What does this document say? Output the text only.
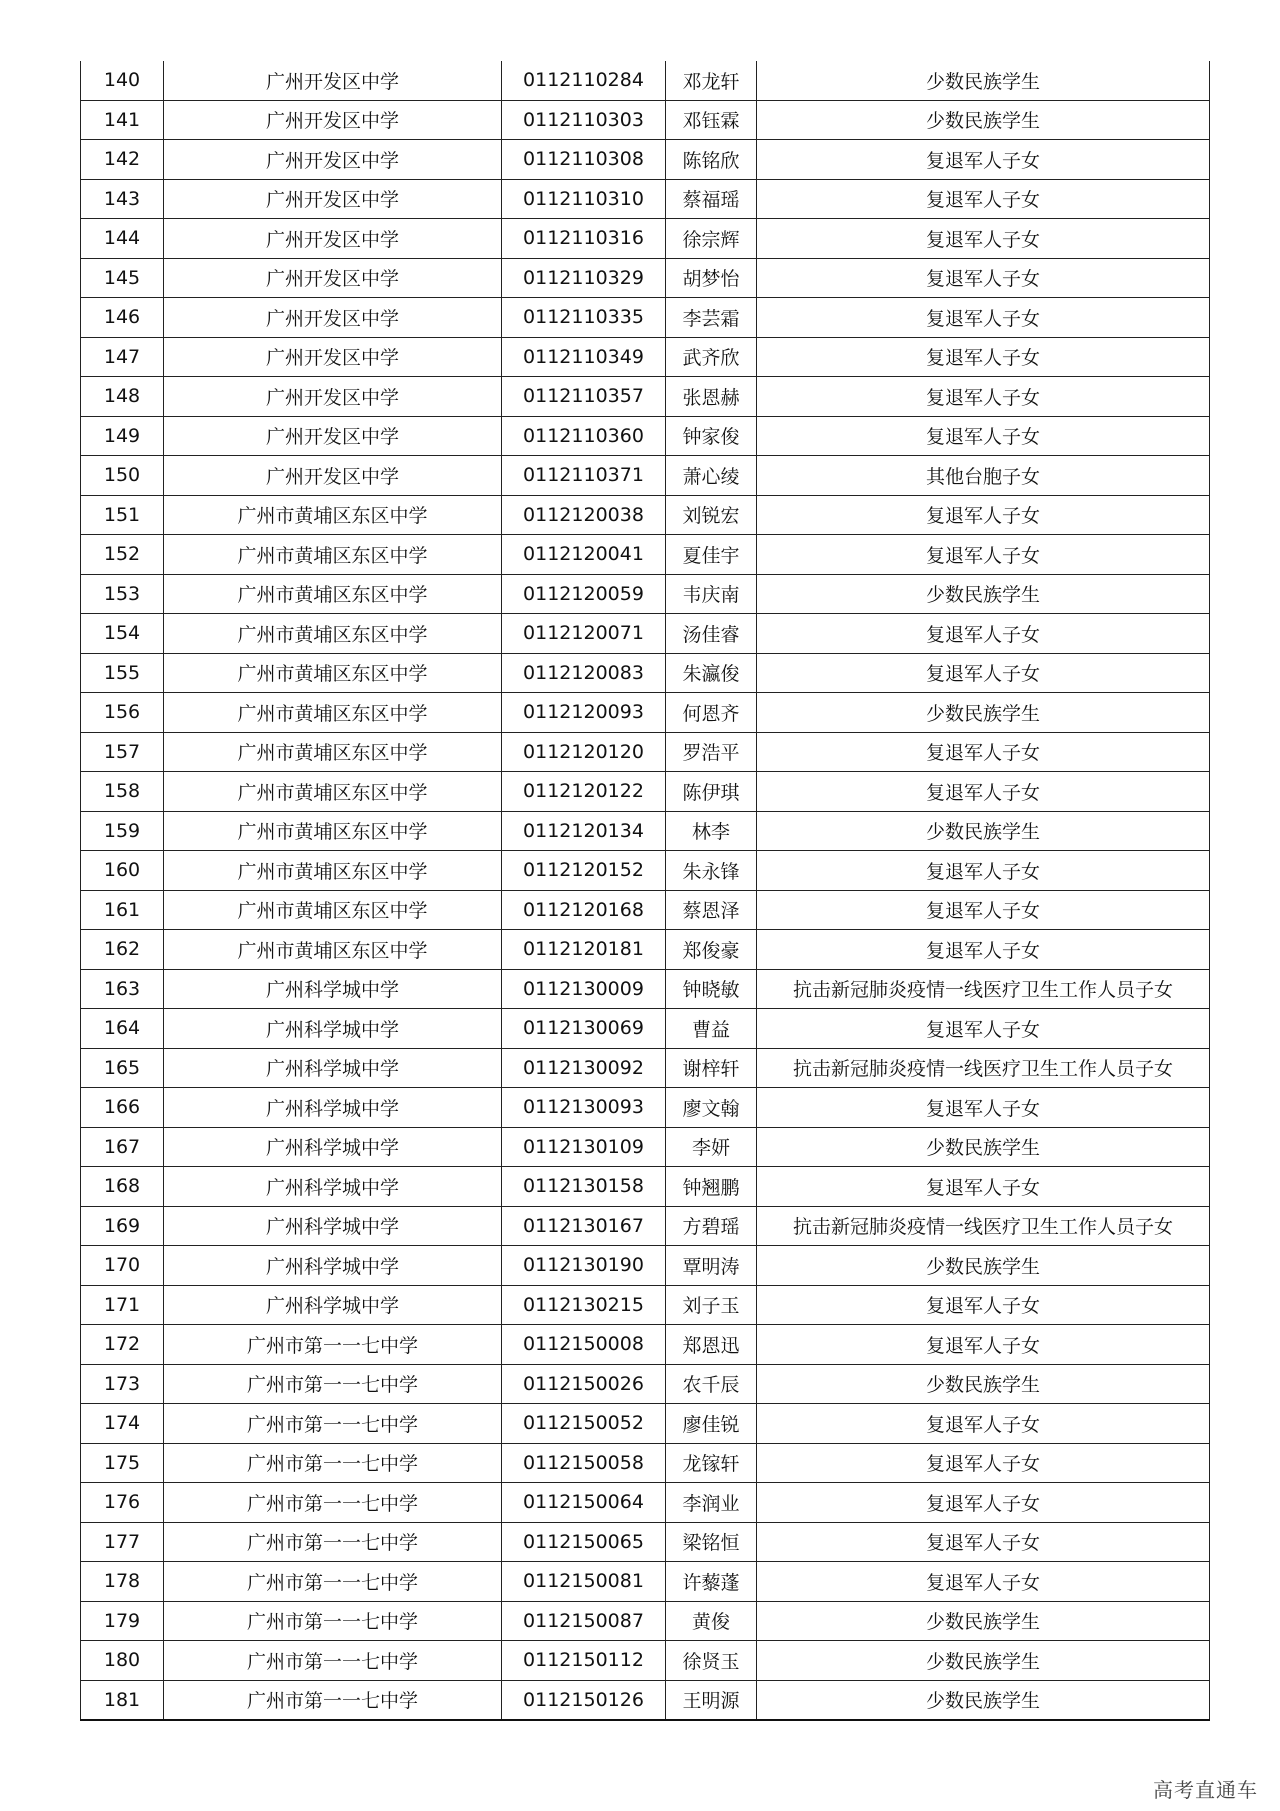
140	广州开发区中学	0112110284	邓龙轩	少数民族学生
141	广州开发区中学	0112110303	邓钰霖	少数民族学生
142	广州开发区中学	0112110308	陈铭欣	复退军人子女
143	广州开发区中学	0112110310	蔡福瑶	复退军人子女
144	广州开发区中学	0112110316	徐宗辉	复退军人子女
145	广州开发区中学	0112110329	胡梦怡	复退军人子女
146	广州开发区中学	0112110335	李芸霜	复退军人子女
147	广州开发区中学	0112110349	武齐欣	复退军人子女
148	广州开发区中学	0112110357	张恩赫	复退军人子女
149	广州开发区中学	0112110360	钟家俊	复退军人子女
150	广州开发区中学	0112110371	萧心绫	其他台胞子女
151	广州市黄埔区东区中学	0112120038	刘锐宏	复退军人子女
152	广州市黄埔区东区中学	0112120041	夏佳宇	复退军人子女
153	广州市黄埔区东区中学	0112120059	韦庆南	少数民族学生
154	广州市黄埔区东区中学	0112120071	汤佳睿	复退军人子女
155	广州市黄埔区东区中学	0112120083	朱瀛俊	复退军人子女
156	广州市黄埔区东区中学	0112120093	何恩齐	少数民族学生
157	广州市黄埔区东区中学	0112120120	罗浩平	复退军人子女
158	广州市黄埔区东区中学	0112120122	陈伊琪	复退军人子女
159	广州市黄埔区东区中学	0112120134	林李	少数民族学生
160	广州市黄埔区东区中学	0112120152	朱永锋	复退军人子女
161	广州市黄埔区东区中学	0112120168	蔡恩泽	复退军人子女
162	广州市黄埔区东区中学	0112120181	郑俊豪	复退军人子女
163	广州科学城中学	0112130009	钟晓敏	抗击新冠肺炎疫情一线医疗卫生工作人员子女
164	广州科学城中学	0112130069	曹益	复退军人子女
165	广州科学城中学	0112130092	谢梓轩	抗击新冠肺炎疫情一线医疗卫生工作人员子女
166	广州科学城中学	0112130093	廖文翰	复退军人子女
167	广州科学城中学	0112130109	李妍	少数民族学生
168	广州科学城中学	0112130158	钟翘鹏	复退军人子女
169	广州科学城中学	0112130167	方碧瑶	抗击新冠肺炎疫情一线医疗卫生工作人员子女
170	广州科学城中学	0112130190	覃明涛	少数民族学生
171	广州科学城中学	0112130215	刘子玉	复退军人子女
172	广州市第一一七中学	0112150008	郑恩迅	复退军人子女
173	广州市第一一七中学	0112150026	农千辰	少数民族学生
174	广州市第一一七中学	0112150052	廖佳锐	复退军人子女
175	广州市第一一七中学	0112150058	龙镓轩	复退军人子女
176	广州市第一一七中学	0112150064	李润业	复退军人子女
177	广州市第一一七中学	0112150065	梁铭恒	复退军人子女
178	广州市第一一七中学	0112150081	许藜蓬	复退军人子女
179	广州市第一一七中学	0112150087	黄俊	少数民族学生
180	广州市第一一七中学	0112150112	徐贤玉	少数民族学生
181	广州市第一一七中学	0112150126	王明源	少数民族学生
高考直通车
